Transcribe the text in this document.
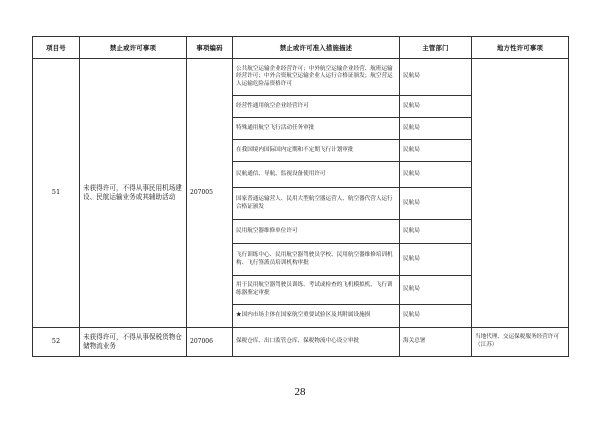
项目号	禁止或许可事项	事项编码	禁止或许可准入措施描述	主管部门	地方性许可事项
51	未获得许可，不得从事民用机场建设、民航运输业务或其辅助活动	207005	公共航空运输企业经营许可；中外航空运输企业经营、航班运输经营许可；中外合资航空运输企业人运行合格证颁发；航空营运人运输危险品资格许可	民航局	
			经营性通用航空企业经营许可	民航局	
			特殊通用航空飞行活动任务审批	民航局	
			在我国境内国际国内定期和不定期飞行计划审批	民航局	
			民航通信、导航、监视设备使用许可	民航局	
			国家普通运输营人、民用大型航空器运营人、航空器代营人运行合格证颁发	民航局	
			民用航空器维修单位许可	民航局	
			飞行训练中心、民用航空器驾驶员学校、民用航空器维修培训机构、飞行签派员培训机构审批	民航局	
			用于民用航空器驾驶员训练、考试或检查的飞机模拟机、飞行训练器鉴定审批	民航局	
			★国内市场主体在国家航空重要试验区及其附属设施损	民航局	
52	未获得许可，不得从事保税货物仓储物流业务	207006	保税仓库、出口监管仓库、保税物流中心设立审批	海关总署	当地代理、交运保税服务经营许可（江苏）
28
